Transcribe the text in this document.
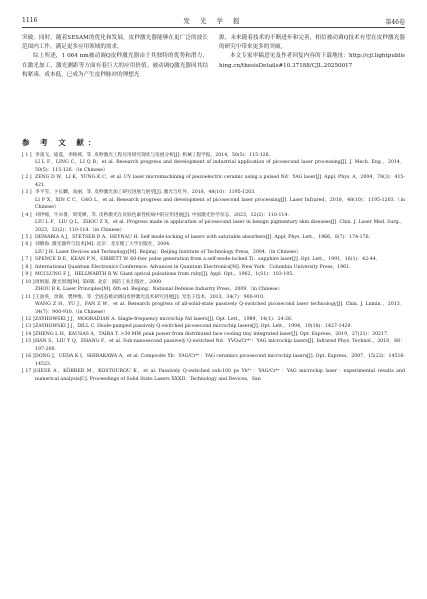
1116	发 光 学 报	第46卷

突破。同时，随着SESAM的优化和发展，皮秒激光器能够在更广泛的波长范围内工作，满足更多应用领域的需求。

综上所述，1 064 nm被动调Q皮秒激光器由于其独特的优势和潜力，在激光加工、激光测距等方面有着巨大的应用价值。被动调Q激光器因其结构紧凑、成本低，已成为产生皮秒脉冲的理想光

源，未来随着技术的不断进步和完善，相信被动调Q技术有望在皮秒激光器的研究中带来更多的突破。

本文专家审稿意见及作者回复内容的下载地址：http://cjl.lightpublishing.cn/thesisDetails#10.37188/CJL.20250017

参 考 文 献：
[ 1 ] 李凌飞，迪夏，李映域，等. 皮秒激光工程应用研究现状与发展分析[J]. 机械工程学报，2014，50(5)：115-126.
LI L F，LING C，LI Q R，et al. Research progress and development of industrial application of picosecond laser processing[J]. J. Mech. Eng.，2014，50(5)：115-126.（in Chinese）
[ 2 ] ZENG D W，LI K，YUNG K C，et al. UV laser micromachining of piezoelectric ceramic using a pulsed Nd：YAG laser[J]. Appl. Phys. A，2004，78(3)：415-421.
[ 3 ] 李平雪，卞长麟，高丽，等. 皮秒激光加工研究进展与展望[J]. 激光与红外，2018，48(10)：1195-1203.
LI P X，XIN C C，GAO L，et al. Research progress and development of picosecond laser processing[J]. Laser Infrared，2018，48(10)：1195-1203.（in Chinese）
[ 4 ] 刘伊绵，牛卓暑，周雯婵，等. 皮秒激光在皮肤色素性疾病中的应用进展[J]. 中国激光医学杂志，2023，32(2)：110-114.
LIU L F，LIU Q L，ZHOU Z X，et al. Progress made in application of picosecond laser in benign pigmentary skin diseases[J]. Chin. J. Laser Med. Surg.，2023，32(2)：110-114.（in Chinese）
[ 5 ] DEMARIA A J，STETSER D A，HEYNAU H. Self mode-locking of lasers with saturable absorbers[J]. Appl. Phys. Lett.，1966，8(7)：174-176.
[ 6 ] 刘敬海. 激光器件与技术[M]. 北京：北京理工大学出版社，2004.
LIU J H. Laser Devices and Technology[M]. Beijing：Beijing Institute of Technology Press，2004.（in Chinese）
[ 7 ] SPENCE D E，KEAN P N，SIBBETT W. 60-fsec pulse generation from a self-mode-locked Ti：sapphire laser[J]. Opt. Lett.，1991，16(1)：42-44.
[ 8 ] International Quantum Electronics Conference. Advances in Quantum Electronics[M]. New York：Columbia University Press，1961.
[ 9 ] MCCLUNG F J，HELLWARTH R W. Giant optical pulsations from ruby[J]. Appl. Opt.，1962，1(S1)：103-105.
[ 10 ] 周炳琨. 激光原理[M]. 第6版. 北京：国防工业出版社，2009.
ZHOU B K. Laser Principles[M]. 6th ed. Beijing：National Defense Industry Press，2009.（in Chinese）
[ 11 ] 王油英，余锦，樊仲维，等. 全固态被动调Q皮秒激光技术研究进展[J]. 光电子技术，2013，34(7)：900-910.
WANG Z H，YU J，FAN Z W，et al. Research progress of all-solid-state passively Q-switched picosecond laser technology[J]. Chin. J. Lumin.，2013，34(7)：900-910.（in Chinese）
[ 12 ] ZAYHOWSKI J J，MOORADIAN A. Single-frequency microchip Nd lasers[J]. Opt. Lett.，1989，14(1)：24-26.
[ 13 ] ZAYHOWSKI J J，DILL C. Diode-pumped passively Q-switched picosecond microchip lasers[J]. Opt. Lett.，1994，19(18)：1427-1429.
[ 14 ] ZHENG L H，KAUSAS A，TAIRA T. >30 MW peak power from distributed face cooling tiny integrated laser[J]. Opt. Express，2019，27(21)：30217.
[ 15 ] HAN S，LIU Y Q，ZHANG F，et al. Sub-nanosecond passively Q-switched Nd：YVO₄/Cr⁴⁺：YAG microchip lasers[J]. Infrared Phys. Technol.，2018，88：197-200.
[ 16 ] DONG J，UEDA K I，SHIRAKAWA A，et al. Composite Yb：YAG/Cr⁴⁺：YAG ceramics picosecond microchip lasers[J]. Opt. Express，2007，15(22)：14516-14523.
[ 17 ] GIESE A，KÖRBER M，KOSTOUROU K，et al. Passively Q-switched sub-100 ps Yb³⁺：YAG/Cr⁴⁺：YAG microchip laser：experimental results and numerical analysis[C]. Proceedings of Solid State Lasers XXXII：Technology and Devices，San
